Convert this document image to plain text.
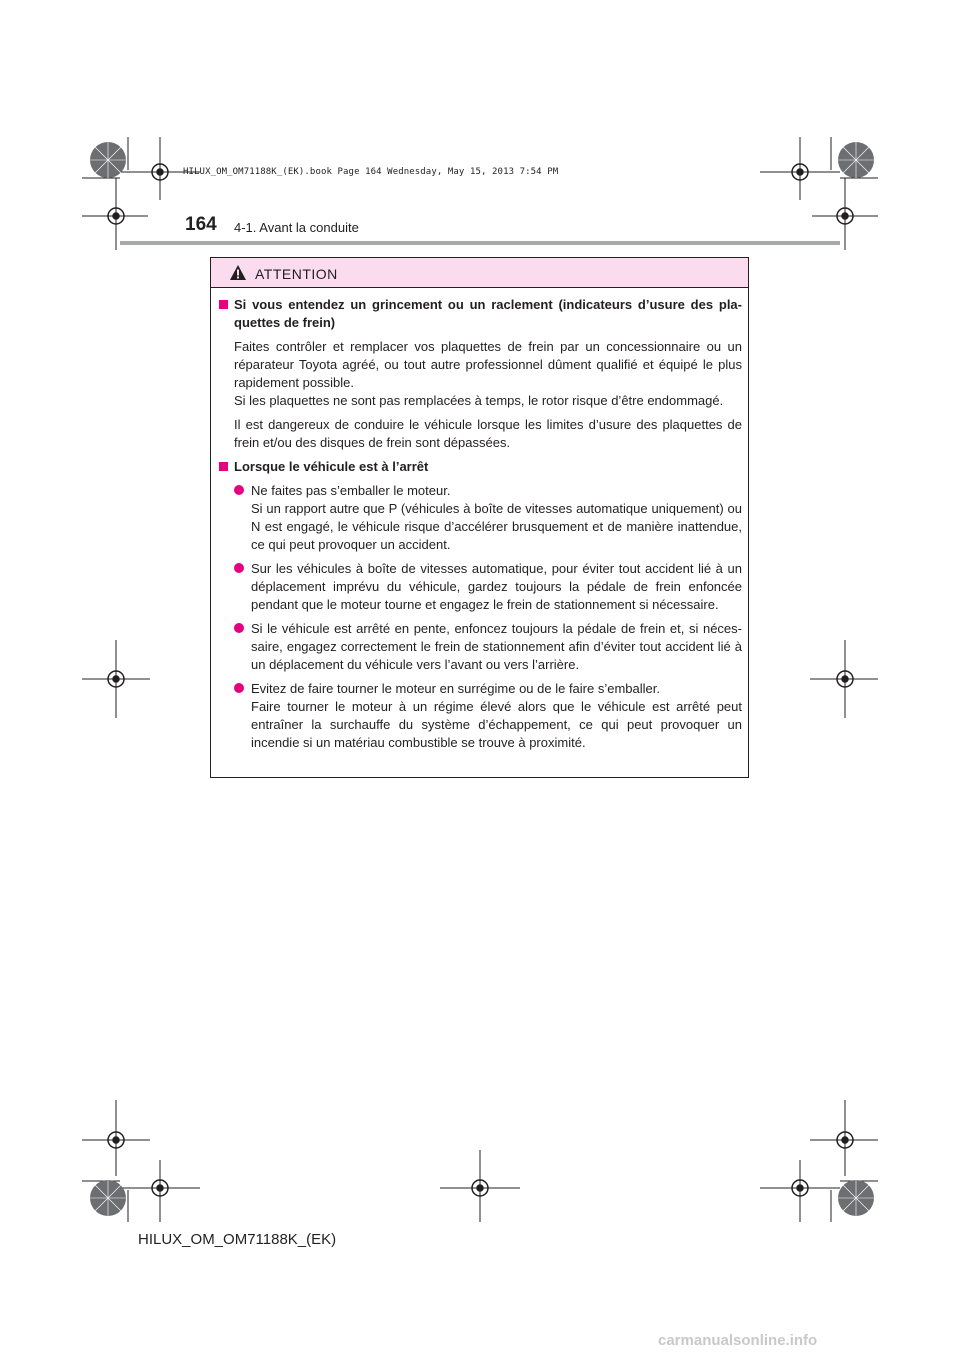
HILUX_OM_OM71188K_(EK).book Page 164 Wednesday, May 15, 2013 7:54 PM
164 4-1. Avant la conduite
ATTENTION
Si vous entendez un grincement ou un raclement (indicateurs d’usure des plaquettes de frein)
Faites contrôler et remplacer vos plaquettes de frein par un concessionnaire ou un réparateur Toyota agréé, ou tout autre professionnel dûment qualifié et équipé le plus rapidement possible.
Si les plaquettes ne sont pas remplacées à temps, le rotor risque d’être endommagé.
Il est dangereux de conduire le véhicule lorsque les limites d’usure des plaquettes de frein et/ou des disques de frein sont dépassées.
Lorsque le véhicule est à l’arrêt
Ne faites pas s’emballer le moteur.
Si un rapport autre que P (véhicules à boîte de vitesses automatique uniquement) ou N est engagé, le véhicule risque d’accélérer brusquement et de manière inattendue, ce qui peut provoquer un accident.
Sur les véhicules à boîte de vitesses automatique, pour éviter tout accident lié à un déplacement imprévu du véhicule, gardez toujours la pédale de frein enfoncée pendant que le moteur tourne et engagez le frein de stationnement si nécessaire.
Si le véhicule est arrêté en pente, enfoncez toujours la pédale de frein et, si nécessaire, engagez correctement le frein de stationnement afin d’éviter tout accident lié à un déplacement du véhicule vers l’avant ou vers l’arrière.
Evitez de faire tourner le moteur en surrégime ou de le faire s’emballer.
Faire tourner le moteur à un régime élevé alors que le véhicule est arrêté peut entraîner la surchauffe du système d’échappement, ce qui peut provoquer un incendie si un matériau combustible se trouve à proximité.
HILUX_OM_OM71188K_(EK)
carmanualsonline.info
